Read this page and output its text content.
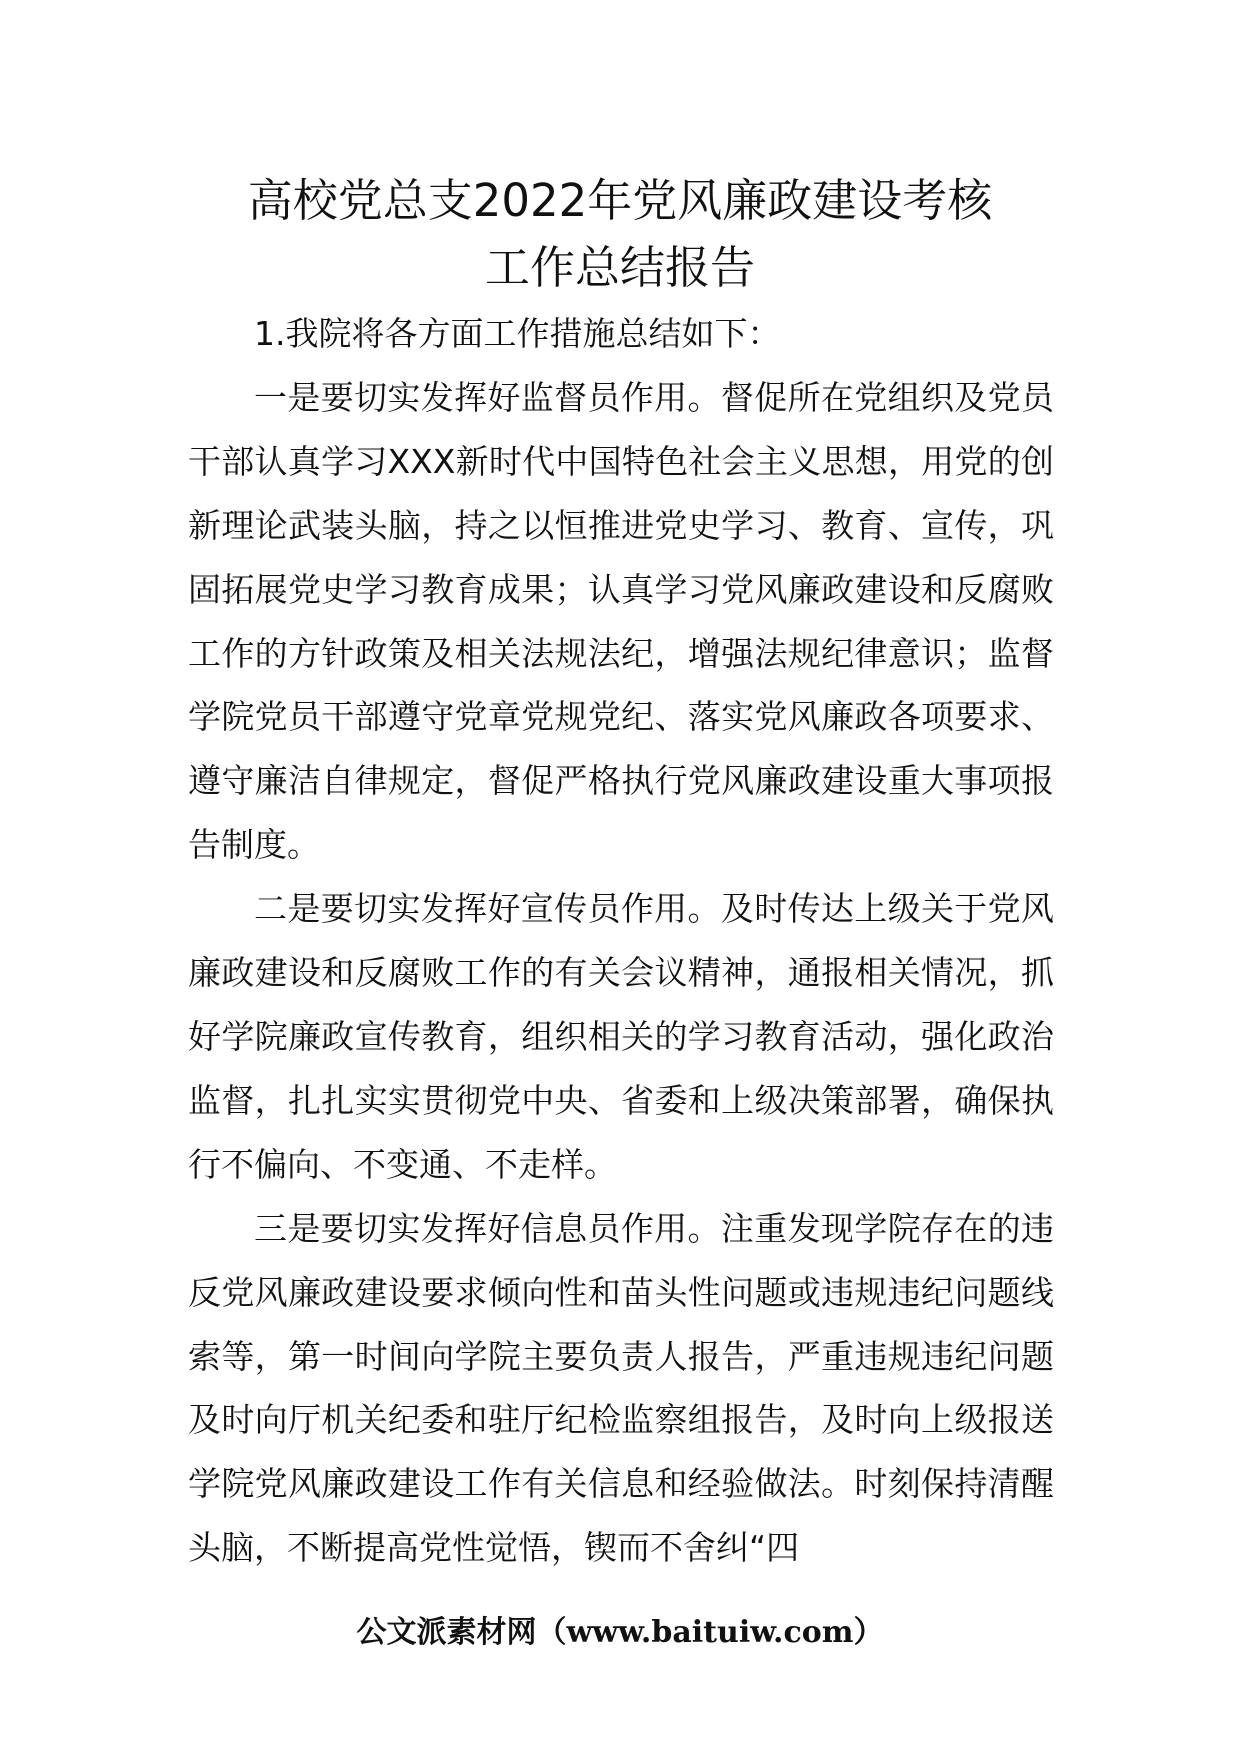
高校党总支2022年党风廉政建设考核
工作总结报告

1.我院将各方面工作措施总结如下：

一是要切实发挥好监督员作用。督促所在党组织及党员干部认真学习XXX新时代中国特色社会主义思想，用党的创新理论武装头脑，持之以恒推进党史学习、教育、宣传，巩固拓展党史学习教育成果；认真学习党风廉政建设和反腐败工作的方针政策及相关法规法纪，增强法规纪律意识；监督学院党员干部遵守党章党规党纪、落实党风廉政各项要求、遵守廉洁自律规定，督促严格执行党风廉政建设重大事项报告制度。

二是要切实发挥好宣传员作用。及时传达上级关于党风廉政建设和反腐败工作的有关会议精神，通报相关情况，抓好学院廉政宣传教育，组织相关的学习教育活动，强化政治监督，扎扎实实贯彻党中央、省委和上级决策部署，确保执行不偏向、不变通、不走样。

三是要切实发挥好信息员作用。注重发现学院存在的违反党风廉政建设要求倾向性和苗头性问题或违规违纪问题线索等，第一时间向学院主要负责人报告，严重违规违纪问题及时向厅机关纪委和驻厅纪检监察组报告，及时向上级报送学院党风廉政建设工作有关信息和经验做法。时刻保持清醒头脑，不断提高党性觉悟，锲而不舍纠“四

公文派素材网（www.baituiw.com）
